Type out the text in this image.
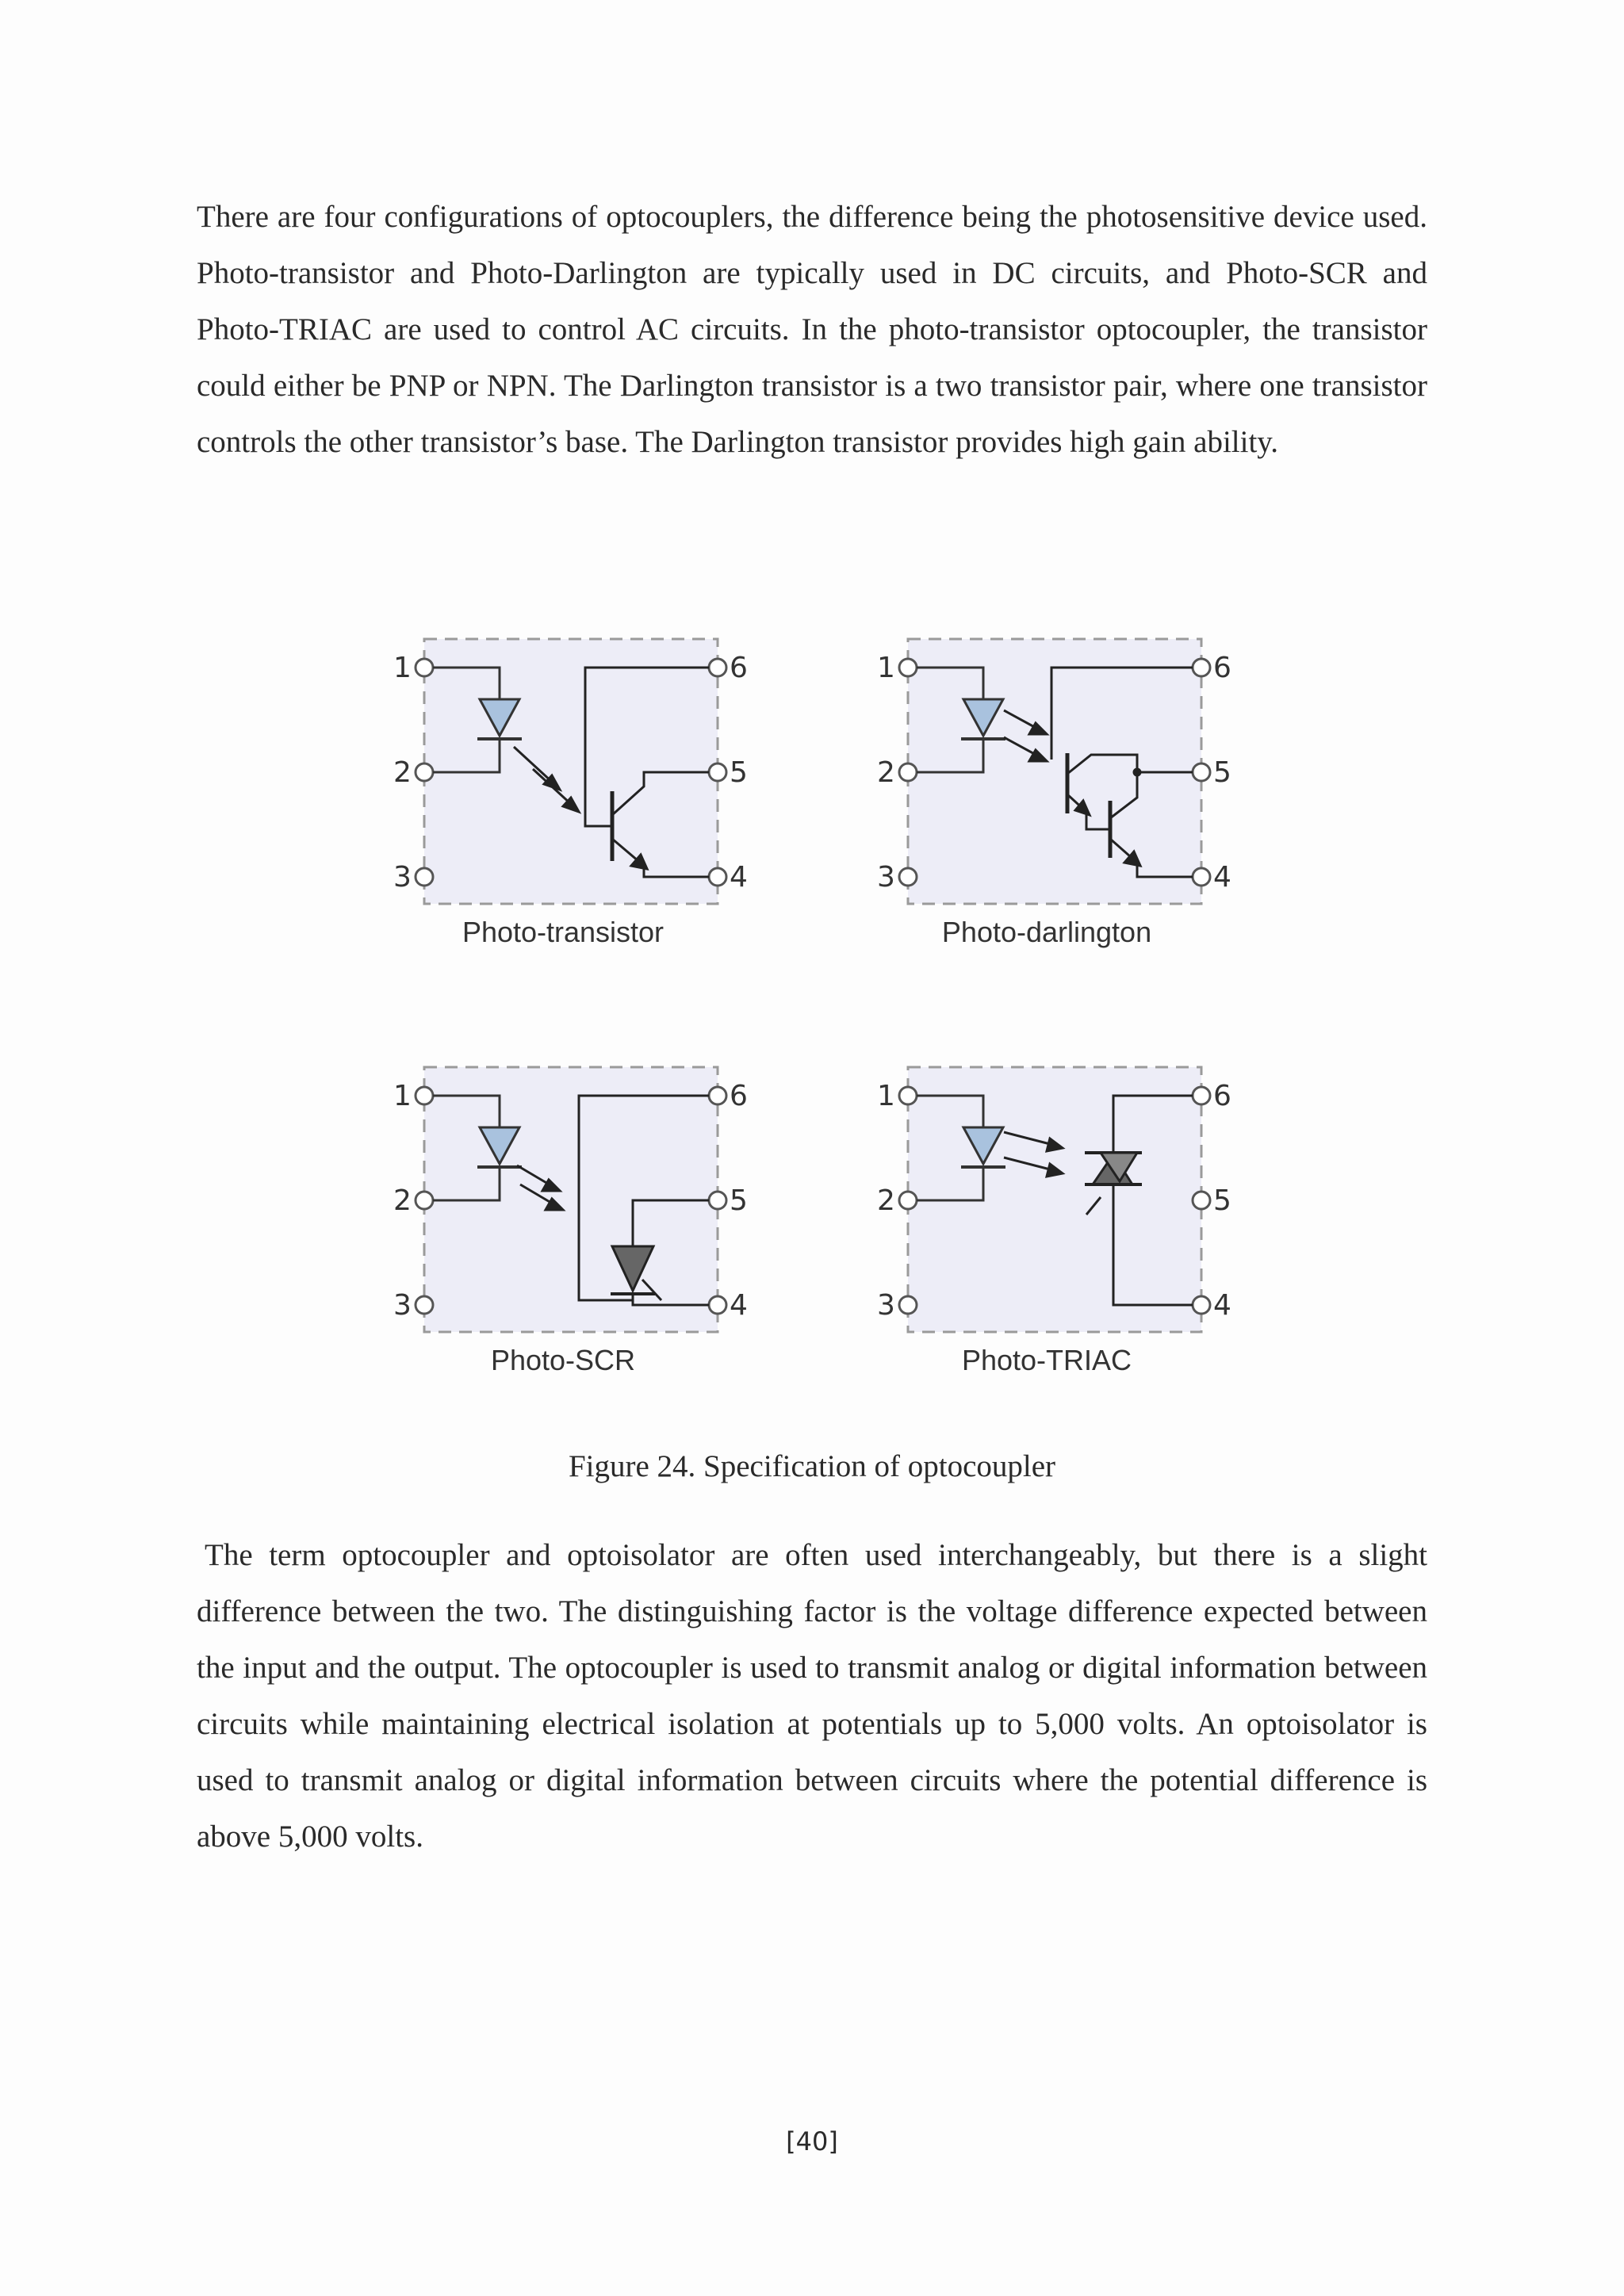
There are four configurations of optocouplers, the difference being the photosensitive device used. Photo-transistor and Photo-Darlington are typically used in DC circuits, and Photo-SCR and Photo-TRIAC are used to control AC circuits. In the photo-transistor optocoupler, the transistor could either be PNP or NPN. The Darlington transistor is a two transistor pair, where one transistor controls the other transistor’s base. The Darlington transistor provides high gain ability.

1
2
3
6
5
4
Photo-transistor
1
2
3
6
5
4
Photo-darlington
1
2
3
6
5
4
Photo-SCR
1
2
3
6
5
4
Photo-TRIAC

Figure 24. Specification of optocoupler

The term optocoupler and optoisolator are often used interchangeably, but there is a slight difference between the two. The distinguishing factor is the voltage difference expected between the input and the output. The optocoupler is used to transmit analog or digital information between circuits while maintaining electrical isolation at potentials up to 5,000 volts. An optoisolator is used to transmit analog or digital information between circuits where the potential difference is above 5,000 volts.

[40]
